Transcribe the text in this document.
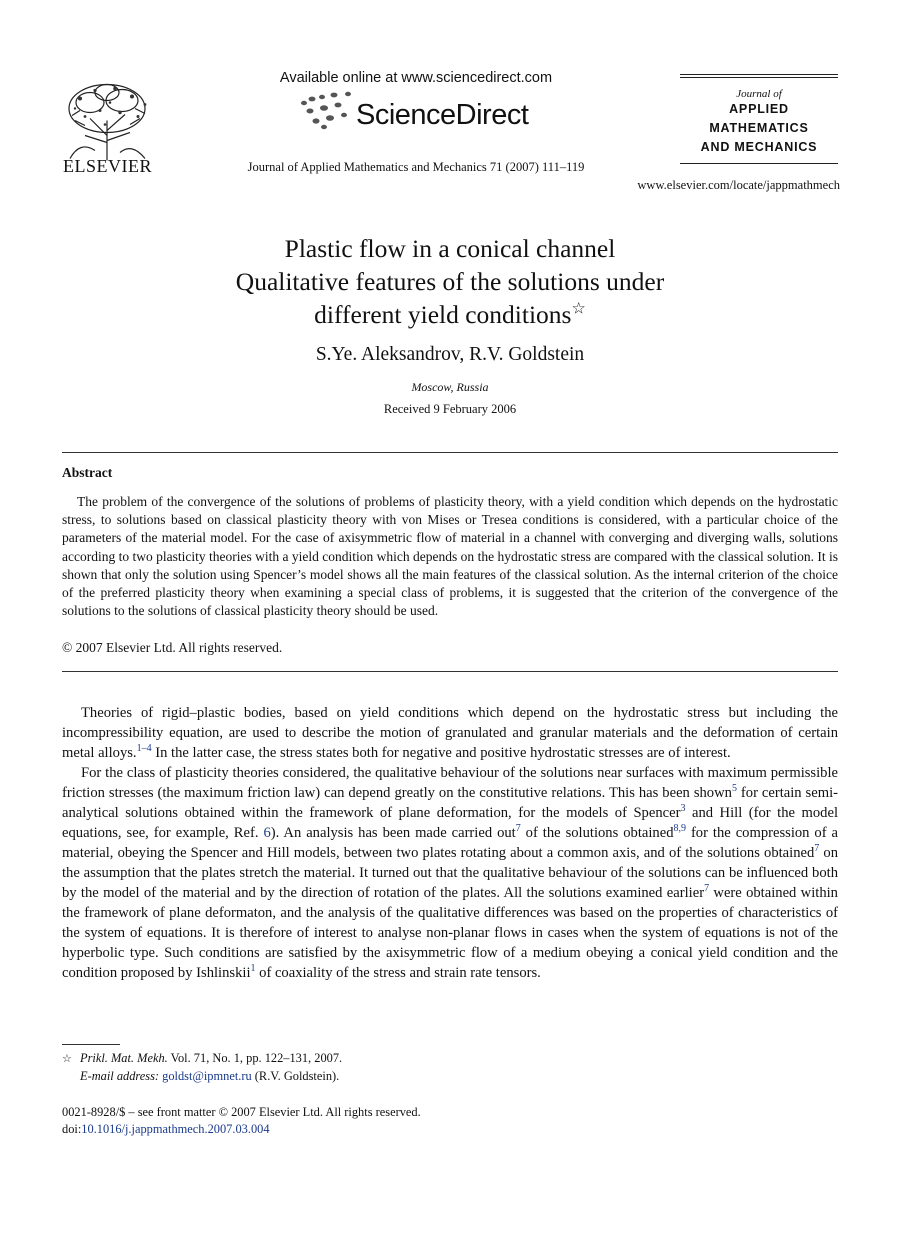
ELSEVIER
Available online at www.sciencedirect.com
ScienceDirect
Journal of Applied Mathematics and Mechanics 71 (2007) 111–119
Journal of
APPLIED
MATHEMATICS
AND MECHANICS
www.elsevier.com/locate/jappmathmech
Plastic flow in a conical channel
Qualitative features of the solutions under
different yield conditions☆
S.Ye. Aleksandrov, R.V. Goldstein
Moscow, Russia
Received 9 February 2006
Abstract

The problem of the convergence of the solutions of problems of plasticity theory, with a yield condition which depends on the hydrostatic stress, to solutions based on classical plasticity theory with von Mises or Tresea conditions is considered, with a particular choice of the parameters of the material model. For the case of axisymmetric flow of material in a channel with converging and diverging walls, solutions according to two plasticity theories with a yield condition which depends on the hydrostatic stress are compared with the classical solution. It is shown that only the solution using Spencer’s model shows all the main features of the classical solution. As the internal criterion of the choice of the preferred plasticity theory when examining a special class of problems, it is suggested that the criterion of the convergence of the solutions to the solutions of classical plasticity theory should be used.

© 2007 Elsevier Ltd. All rights reserved.

Theories of rigid–plastic bodies, based on yield conditions which depend on the hydrostatic stress but including the incompressibility equation, are used to describe the motion of granulated and granular materials and the deformation of certain metal alloys.$^{1-4}$ In the latter case, the stress states both for negative and positive hydrostatic stresses are of interest.

For the class of plasticity theories considered, the qualitative behaviour of the solutions near surfaces with maximum permissible friction stresses (the maximum friction law) can depend greatly on the constitutive relations. This has been shown$^5$ for certain semi-analytical solutions obtained within the framework of plane deformation, for the models of Spencer$^3$ and Hill (for the model equations, see, for example, Ref. 6). An analysis has been made carried out$^7$ of the solutions obtained$^{8,9}$ for the compression of a material, obeying the Spencer and Hill models, between two plates rotating about a common axis, and of the solutions obtained$^7$ on the assumption that the plates stretch the material. It turned out that the qualitative behaviour of the solutions can be influenced both by the model of the material and by the direction of rotation of the plates. All the solutions examined earlier$^7$ were obtained within the framework of plane deformaton, and the analysis of the qualitative differences was based on the properties of characteristics of the system of equations. It is therefore of interest to analyse non-planar flows in cases when the system of equations is not of the hyperbolic type. Such conditions are satisfied by the axisymmetric flow of a medium obeying a conical yield condition and the condition proposed by Ishlinskii$^1$ of coaxiality of the stress and strain rate tensors.

☆ Prikl. Mat. Mekh. Vol. 71, No. 1, pp. 122–131, 2007.
E-mail address: goldst@ipmnet.ru (R.V. Goldstein).
0021-8928/$ – see front matter © 2007 Elsevier Ltd. All rights reserved.
doi:10.1016/j.jappmathmech.2007.03.004
